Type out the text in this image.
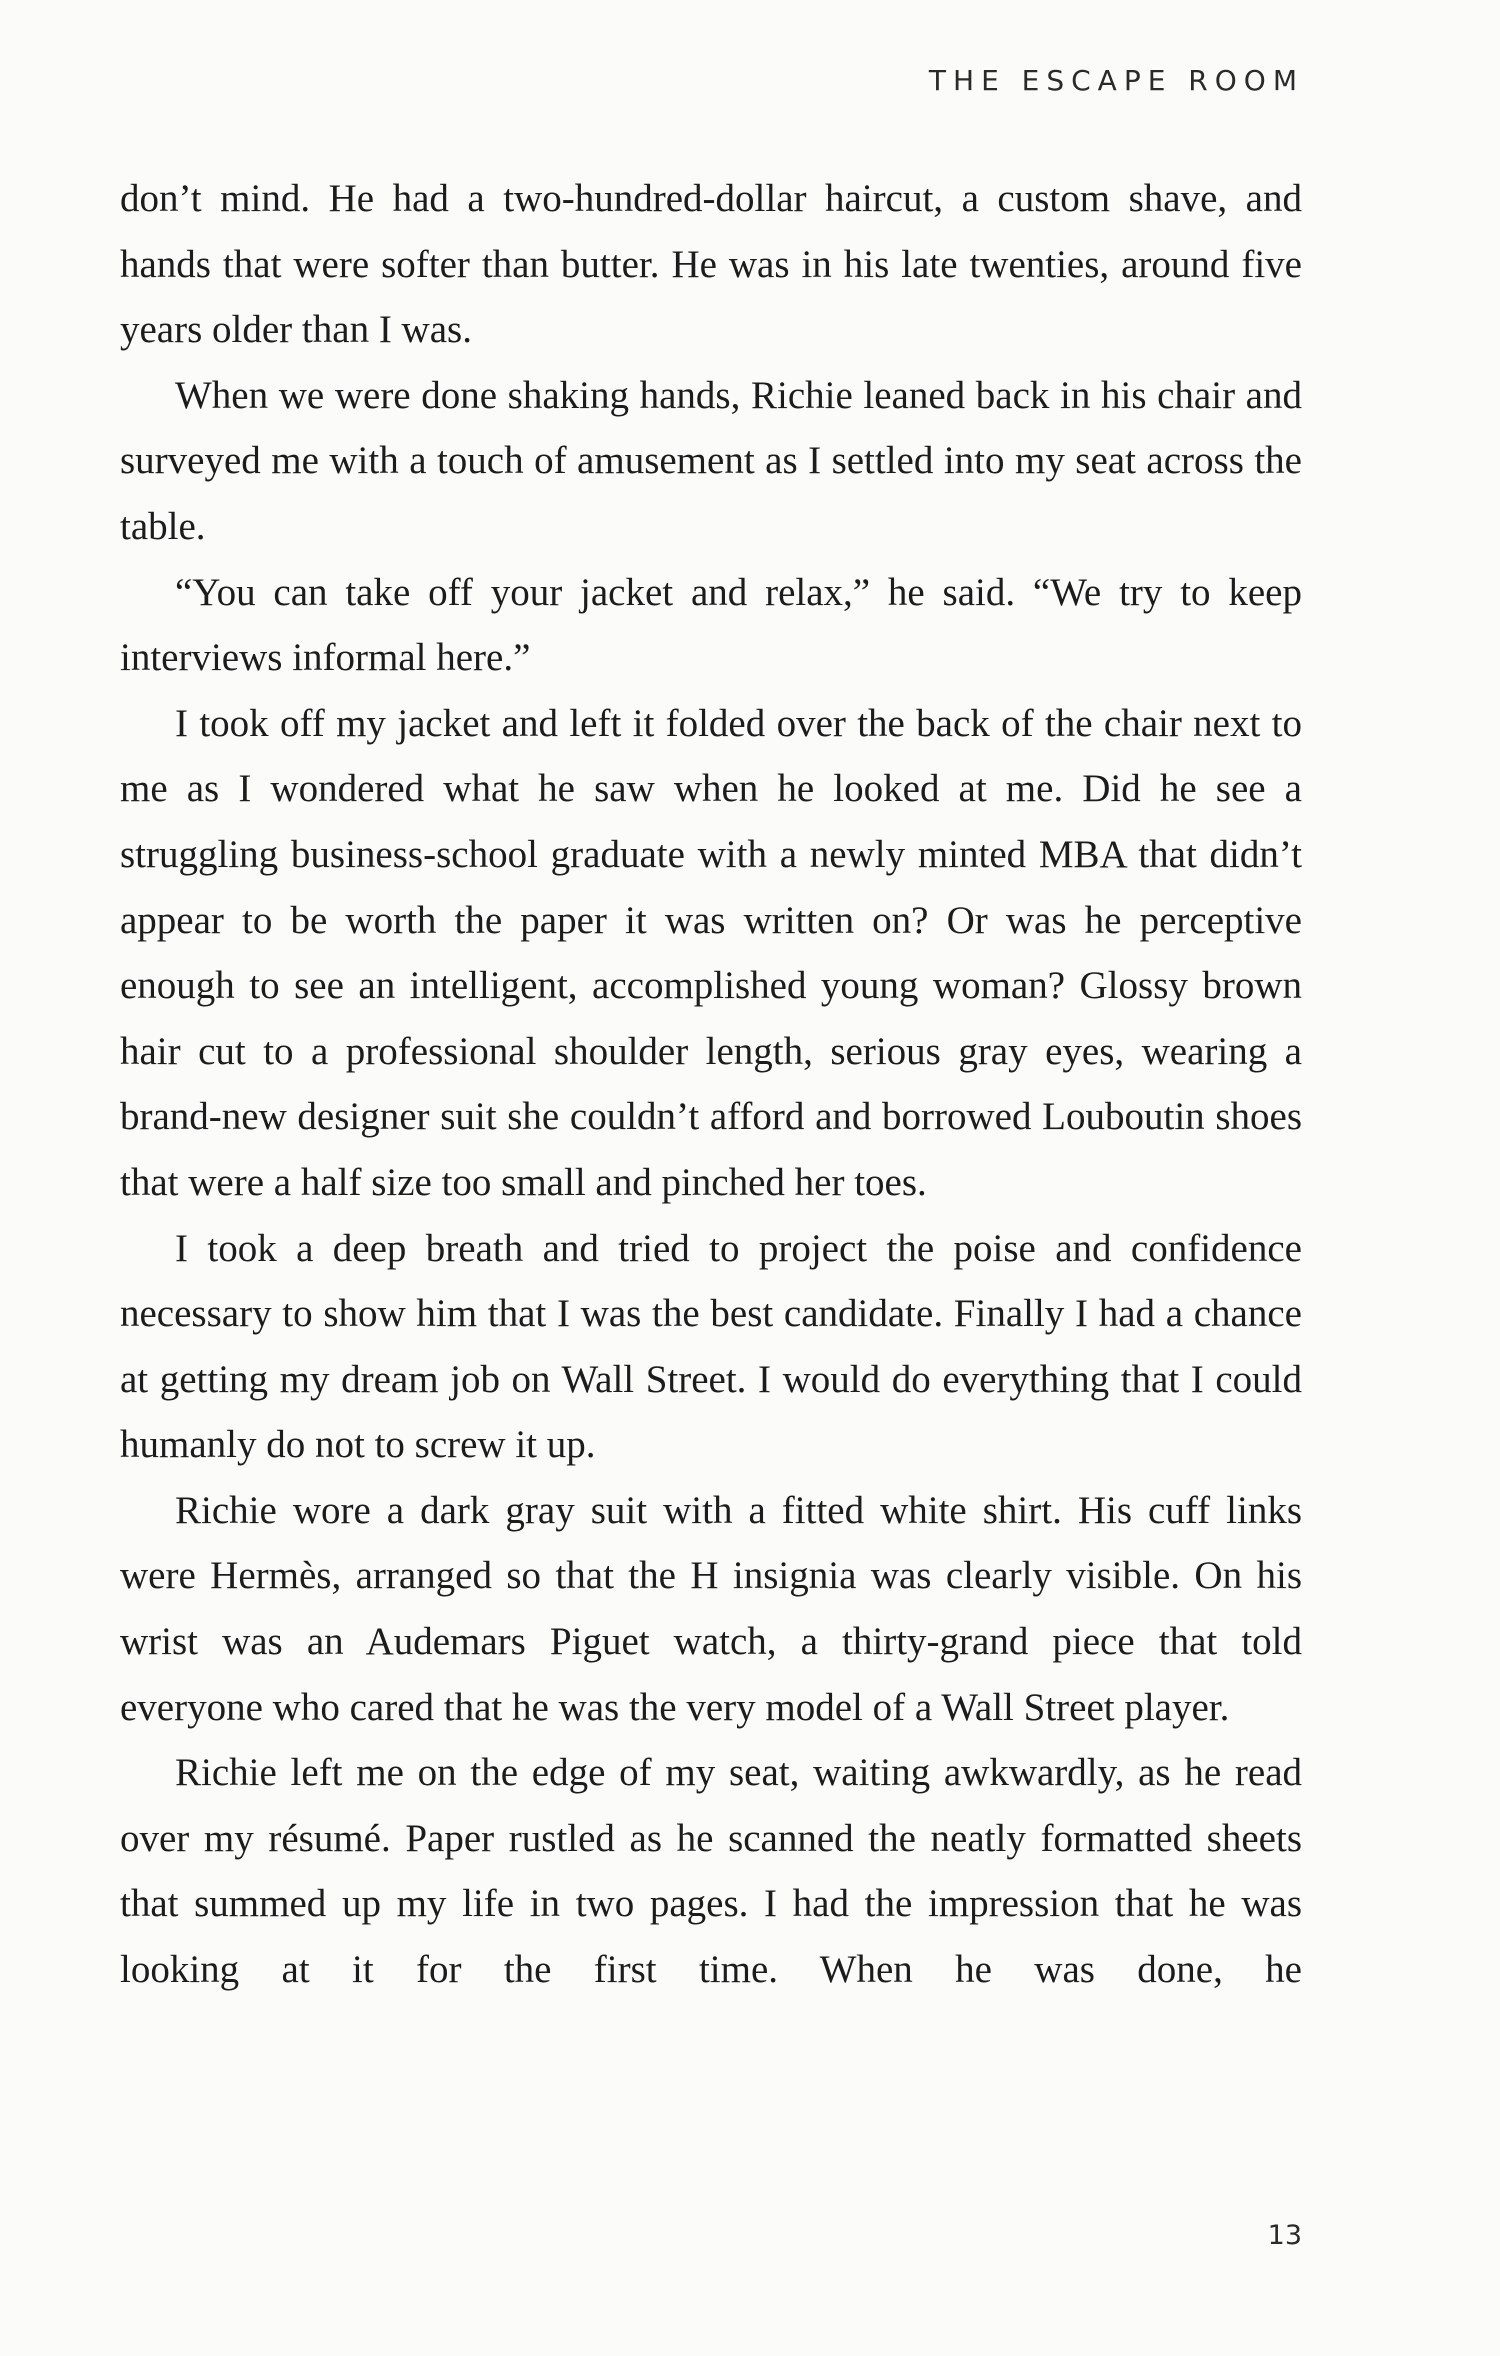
THE ESCAPE ROOM

don’t mind. He had a two-hundred-dollar haircut, a custom shave, and hands that were softer than butter. He was in his late twenties, around five years older than I was.

When we were done shaking hands, Richie leaned back in his chair and surveyed me with a touch of amusement as I settled into my seat across the table.

“You can take off your jacket and relax,” he said. “We try to keep interviews informal here.”

I took off my jacket and left it folded over the back of the chair next to me as I wondered what he saw when he looked at me. Did he see a struggling business-school graduate with a newly minted MBA that didn’t appear to be worth the paper it was written on? Or was he perceptive enough to see an intelligent, accomplished young woman? Glossy brown hair cut to a professional shoulder length, serious gray eyes, wearing a brand-new designer suit she couldn’t afford and borrowed Louboutin shoes that were a half size too small and pinched her toes.

I took a deep breath and tried to project the poise and confidence necessary to show him that I was the best candidate. Finally I had a chance at getting my dream job on Wall Street. I would do everything that I could humanly do not to screw it up.

Richie wore a dark gray suit with a fitted white shirt. His cuff links were Hermès, arranged so that the H insignia was clearly visible. On his wrist was an Audemars Piguet watch, a thirty-grand piece that told everyone who cared that he was the very model of a Wall Street player.

Richie left me on the edge of my seat, waiting awkwardly, as he read over my résumé. Paper rustled as he scanned the neatly formatted sheets that summed up my life in two pages. I had the impression that he was looking at it for the first time. When he was done, he

13
